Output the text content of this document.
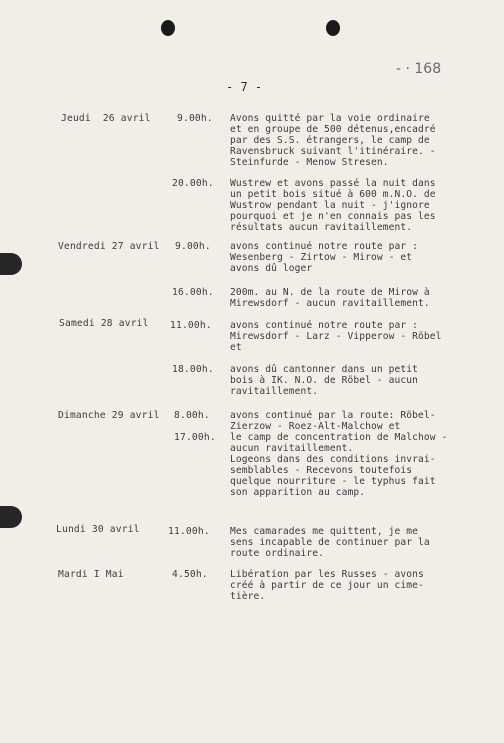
- · 168
- 7 -
Jeudi  26 avril	9.00h. Avons quitté par la voie ordinaire
et en groupe de 500 détenus,encadré
par des S.S. étrangers, le camp de
Ravensbruck suivant l'itinéraire. -
Steinfurde - Menow Stresen.
20.00h. Wustrew et avons passé la nuit dans
un petit bois situé à 600 m.N.O. de
Wustrow pendant la nuit - j'ignore
pourquoi et je n'en connais pas les
résultats aucun ravitaillement.
Vendredi 27 avril 9.00h. avons continué notre route par :
Wesenberg - Zirtow - Mirow - et
avons dû loger
16.00h. 200m. au N. de la route de Mirow à
Mirewsdorf - aucun ravitaillement.
Samedi 28 avril 11.00h. avons continué notre route par :
Mirewsdorf - Larz - Vipperow - Röbel
et
18.00h. avons dû cantonner dans un petit
bois à IK. N.O. de Röbel - aucun
ravitaillement.
Dimanche 29 avril 8.00h. avons continué par la route: Röbel-
Zierzow - Roez-Alt-Malchow et
17.00h. le camp de concentration de Malchow -
aucun ravitaillement.
Logeons dans des conditions invrai-
semblables - Recevons toutefois
quelque nourriture - le typhus fait
son apparition au camp.
Lundi 30 avril	11.00h. Mes camarades me quittent, je me
sens incapable de continuer par la
route ordinaire.
Mardi I Mai	4.50h. Libération par les Russes - avons
créé à partir de ce jour un cime-
tière.
